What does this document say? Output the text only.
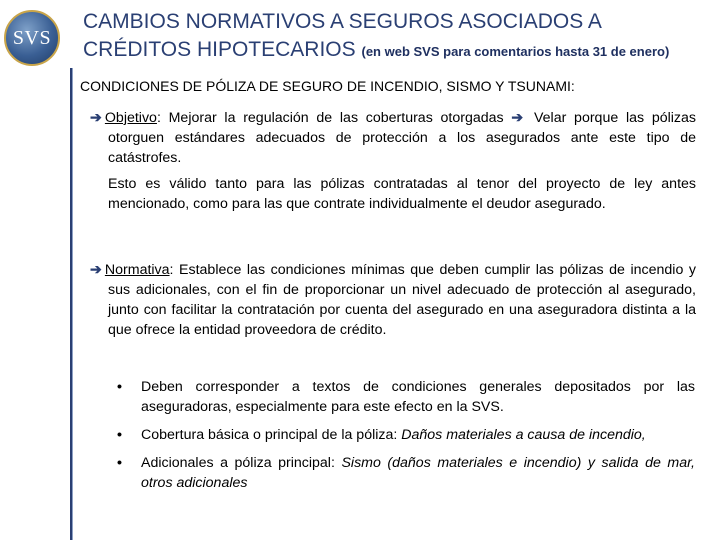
SVS
CAMBIOS NORMATIVOS A SEGUROS ASOCIADOS A
CRÉDITOS HIPOTECARIOS (en web SVS para comentarios hasta 31 de enero)
CONDICIONES DE PÓLIZA DE SEGURO DE INCENDIO, SISMO Y TSUNAMI:
➔ Objetivo: Mejorar la regulación de las coberturas otorgadas ➔ Velar porque las pólizas otorguen estándares adecuados de protección a los asegurados ante este tipo de catástrofes.
Esto es válido tanto para las pólizas contratadas al tenor del proyecto de ley antes mencionado, como para las que contrate individualmente el deudor asegurado.
➔ Normativa: Establece las condiciones mínimas que deben cumplir las pólizas de incendio y sus adicionales, con el fin de proporcionar un nivel adecuado de protección al asegurado, junto con facilitar la contratación por cuenta del asegurado en una aseguradora distinta a la que ofrece la entidad proveedora de crédito.
• Deben corresponder a textos de condiciones generales depositados por las aseguradoras, especialmente para este efecto en la SVS.
• Cobertura básica o principal de la póliza: Daños materiales a causa de incendio,
• Adicionales a póliza principal: Sismo (daños materiales e incendio) y salida de mar, otros adicionales
